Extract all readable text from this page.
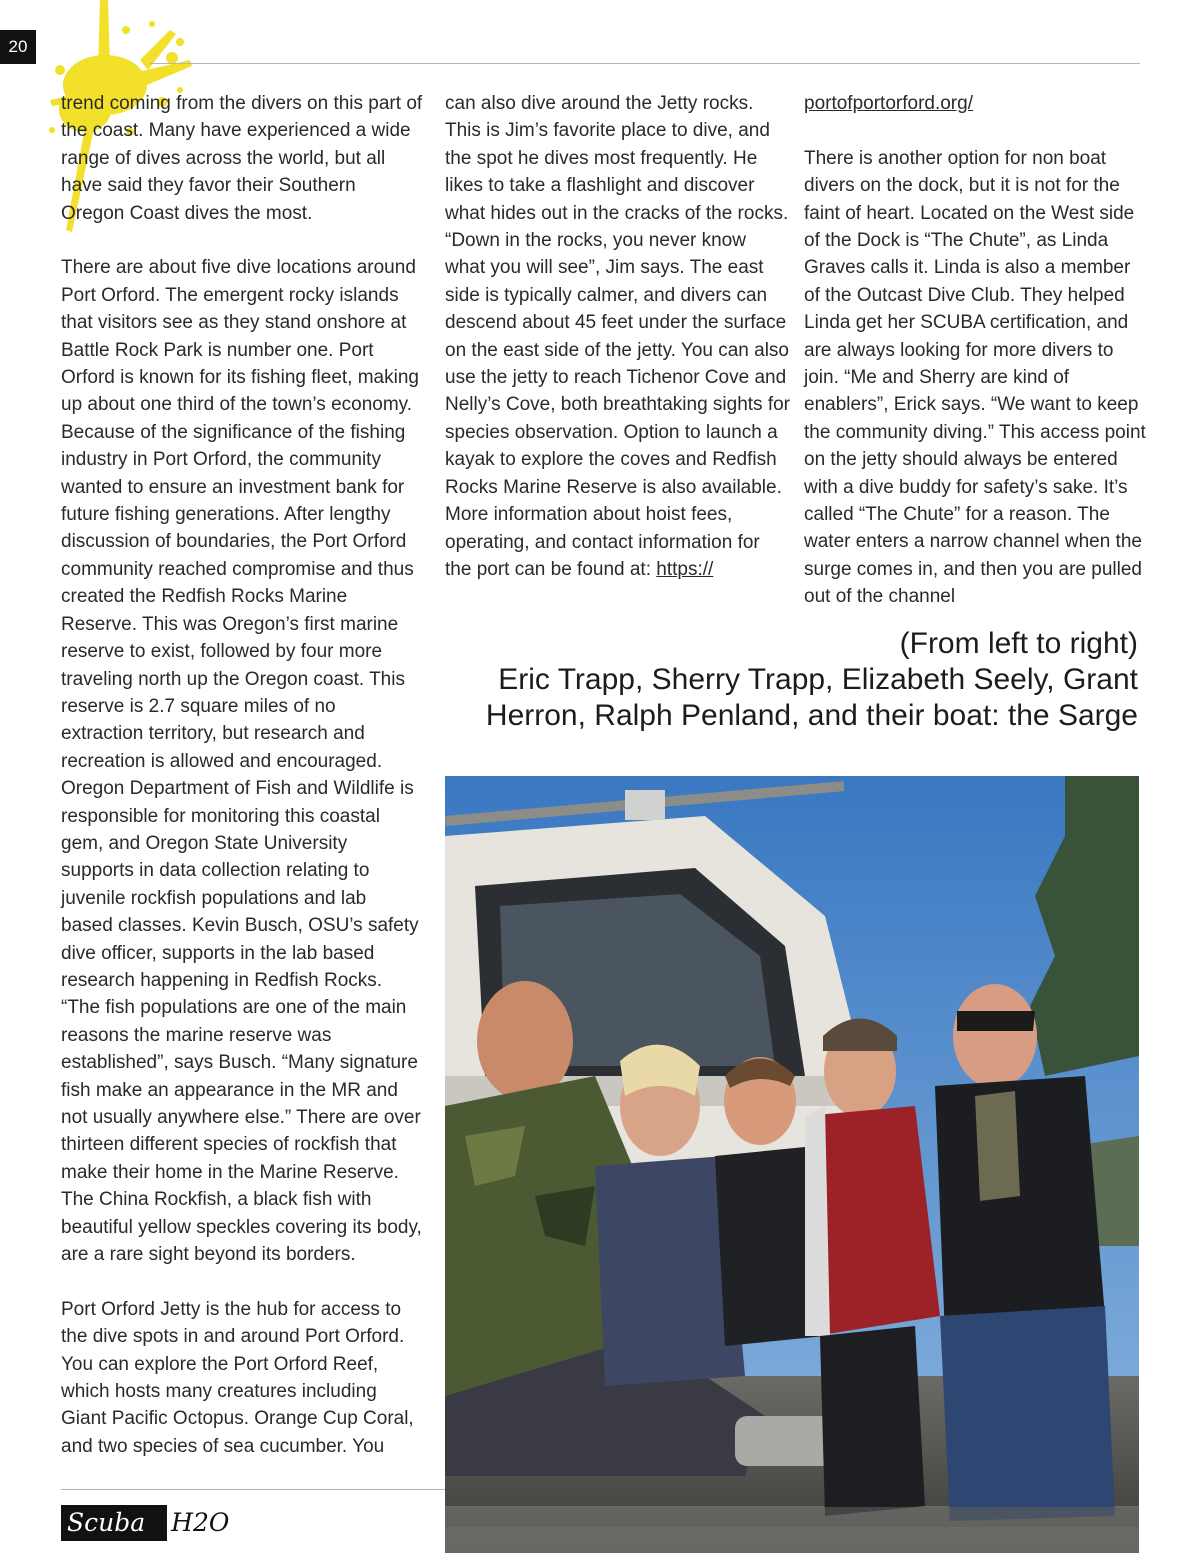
20

trend coming from the divers on this part of the coast. Many have experienced a wide range of dives across the world, but all have said they favor their Southern Oregon Coast dives the most.

There are about five dive locations around Port Orford. The emergent rocky islands that visitors see as they stand onshore at Battle Rock Park is number one. Port Orford is known for its fishing fleet, making up about one third of the town’s economy. Because of the significance of the fishing industry in Port Orford, the community wanted to ensure an investment bank for future fishing generations. After lengthy discussion of boundaries, the Port Orford community reached compromise and thus created the Redfish Rocks Marine Reserve. This was Oregon’s first marine reserve to exist, followed by four more traveling north up the Oregon coast. This reserve is 2.7 square miles of no extraction territory, but research and recreation is allowed and encouraged. Oregon Department of Fish and Wildlife is responsible for monitoring this coastal gem, and Oregon State University supports in data collection relating to juvenile rockfish populations and lab based classes. Kevin Busch, OSU’s safety dive officer, supports in the lab based research happening in Redfish Rocks. “The fish populations are one of the main reasons the marine reserve was established”, says Busch. “Many signature fish make an appearance in the MR and not usually anywhere else.” There are over thirteen different species of rockfish that make their home in the Marine Reserve. The China Rockfish, a black fish with beautiful yellow speckles covering its body, are a rare sight beyond its borders.

Port Orford Jetty is the hub for access to the dive spots in and around Port Orford. You can explore the Port Orford Reef, which hosts many creatures including Giant Pacific Octopus. Orange Cup Coral, and two species of sea cucumber. You

can also dive around the Jetty rocks. This is Jim’s favorite place to dive, and the spot he dives most frequently. He likes to take a flashlight and discover what hides out in the cracks of the rocks. “Down in the rocks, you never know what you will see”, Jim says. The east side is typically calmer, and divers can descend about 45 feet under the surface on the east side of the jetty. You can also use the jetty to reach Tichenor Cove and Nelly’s Cove, both breathtaking sights for species observation. Option to launch a kayak to explore the coves and Redfish Rocks Marine Reserve is also available. More information about hoist fees, operating, and contact information for the port can be found at: https://

portofportorford.org/

There is another option for non boat divers on the dock, but it is not for the faint of heart. Located on the West side of the Dock is “The Chute”, as Linda Graves calls it. Linda is also a member of the Outcast Dive Club. They helped Linda get her SCUBA certification, and are always looking for more divers to join. “Me and Sherry are kind of enablers”, Erick says. “We want to keep the community diving.” This access point on the jetty should always be entered with a dive buddy for safety’s sake. It’s called “The Chute” for a reason. The water enters a narrow channel when the surge comes in, and then you are pulled out of the channel

(From left to right)
Eric Trapp, Sherry Trapp, Elizabeth Seely, Grant Herron, Ralph Penland, and their boat: the Sarge
Scuba	H2O
